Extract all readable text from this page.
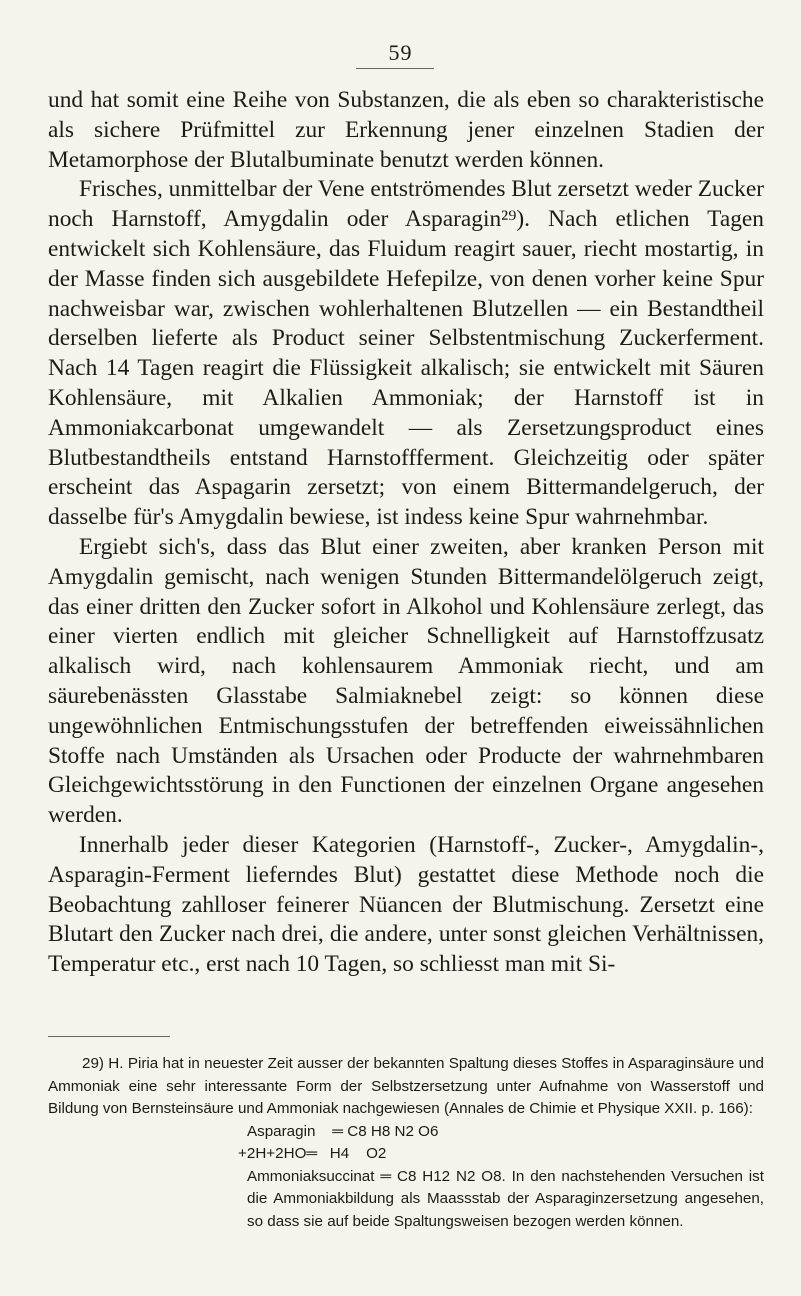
59

und hat somit eine Reihe von Substanzen, die als eben so charakteristische als sichere Prüfmittel zur Erkennung jener einzelnen Stadien der Metamorphose der Blutalbuminate benutzt werden können.

Frisches, unmittelbar der Vene entströmendes Blut zersetzt weder Zucker noch Harnstoff, Amygdalin oder Asparagin²⁹). Nach etlichen Tagen entwickelt sich Kohlensäure, das Fluidum reagirt sauer, riecht mostartig, in der Masse finden sich ausgebildete Hefepilze, von denen vorher keine Spur nachweisbar war, zwischen wohlerhaltenen Blutzellen — ein Bestandtheil derselben lieferte als Product seiner Selbstentmischung Zuckerferment. Nach 14 Tagen reagirt die Flüssigkeit alkalisch; sie entwickelt mit Säuren Kohlensäure, mit Alkalien Ammoniak; der Harnstoff ist in Ammoniakcarbonat umgewandelt — als Zersetzungsproduct eines Blutbestandtheils entstand Harnstoffferment. Gleichzeitig oder später erscheint das Aspagarin zersetzt; von einem Bittermandelgeruch, der dasselbe für's Amygdalin bewiese, ist indess keine Spur wahrnehmbar.

Ergiebt sich's, dass das Blut einer zweiten, aber kranken Person mit Amygdalin gemischt, nach wenigen Stunden Bittermandelölgeruch zeigt, das einer dritten den Zucker sofort in Alkohol und Kohlensäure zerlegt, das einer vierten endlich mit gleicher Schnelligkeit auf Harnstoffzusatz alkalisch wird, nach kohlensaurem Ammoniak riecht, und am säurebenässten Glasstabe Salmiaknebel zeigt: so können diese ungewöhnlichen Entmischungsstufen der betreffenden eiweissähnlichen Stoffe nach Umständen als Ursachen oder Producte der wahrnehmbaren Gleichgewichtsstörung in den Functionen der einzelnen Organe angesehen werden.

Innerhalb jeder dieser Kategorien (Harnstoff-, Zucker-, Amygdalin-, Asparagin-Ferment lieferndes Blut) gestattet diese Methode noch die Beobachtung zahlloser feinerer Nüancen der Blutmischung. Zersetzt eine Blutart den Zucker nach drei, die andere, unter sonst gleichen Verhältnissen, Temperatur etc., erst nach 10 Tagen, so schliesst man mit Si-

29) H. Piria hat in neuester Zeit ausser der bekannten Spaltung dieses Stoffes in Asparaginsäure und Ammoniak eine sehr interessante Form der Selbstzersetzung unter Aufnahme von Wasserstoff und Bildung von Bernsteinsäure und Ammoniak nachgewiesen (Annales de Chimie et Physique XXII. p. 166):

Asparagin    ═ C8 H8 N2 O6

+2H+2HO═   H4    O2

Ammoniaksuccinat ═ C8 H12 N2 O8. In den nachstehenden Versuchen ist die Ammoniakbildung als Maassstab der Asparaginzersetzung angesehen, so dass sie auf beide Spaltungsweisen bezogen werden können.
